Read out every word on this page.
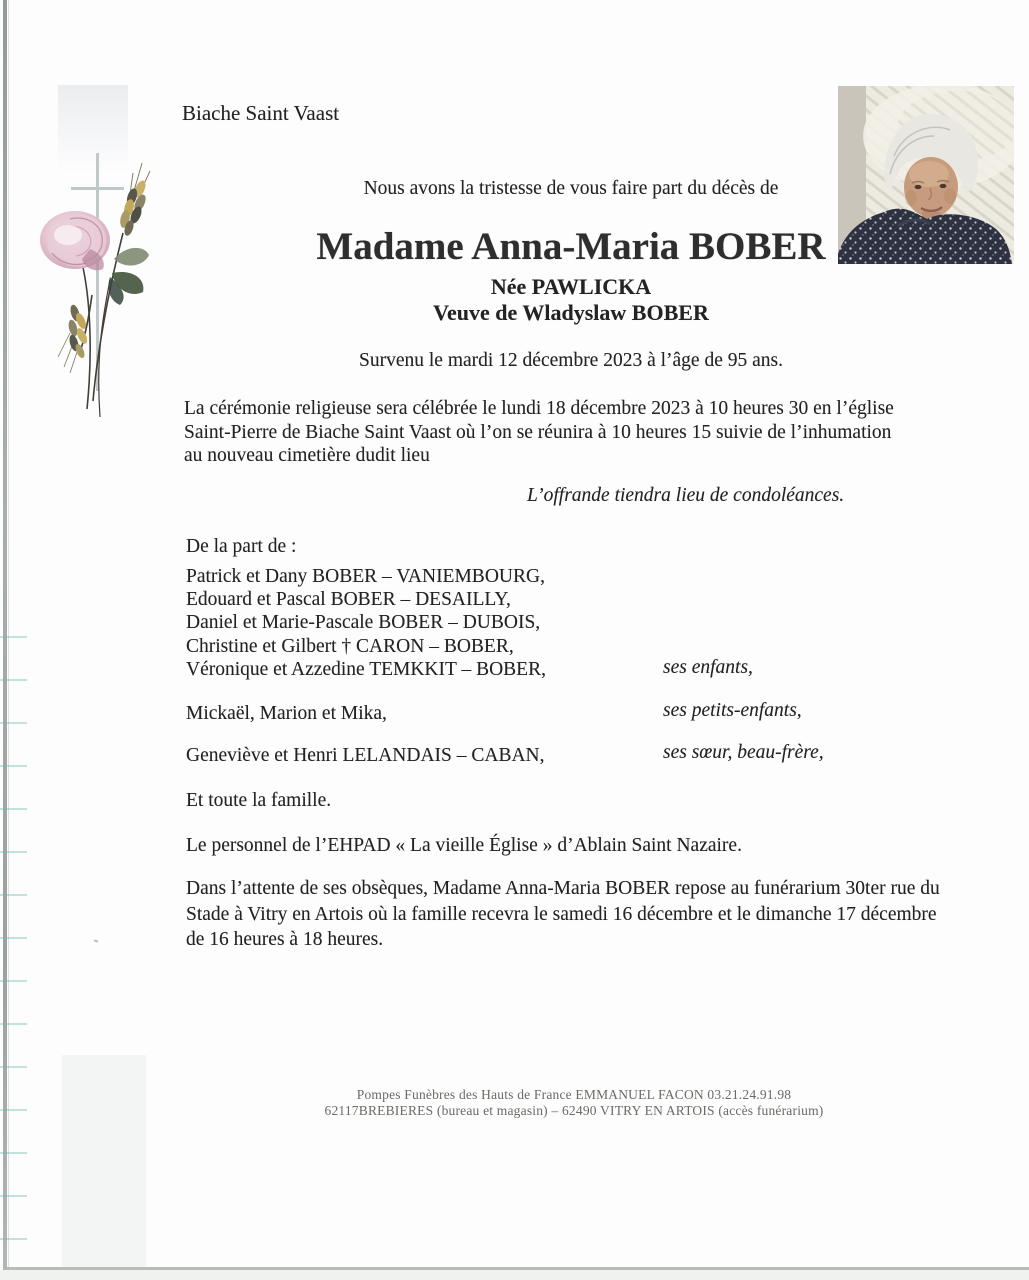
Biache Saint Vaast
Nous avons la tristesse de vous faire part du décès de
Madame Anna-Maria BOBER
Née PAWLICKA
Veuve de Wladyslaw BOBER
Survenu le mardi 12 décembre 2023 à l’âge de 95 ans.
La cérémonie religieuse sera célébrée le lundi 18 décembre 2023 à 10 heures 30 en l’église
Saint-Pierre de Biache Saint Vaast où l’on se réunira à 10 heures 15 suivie de l’inhumation
au nouveau cimetière dudit lieu
L’offrande tiendra lieu de condoléances.
De la part de :
Patrick et Dany BOBER – VANIEMBOURG,
Edouard et Pascal BOBER – DESAILLY,
Daniel et Marie-Pascale BOBER – DUBOIS,
Christine et Gilbert † CARON – BOBER,
Véronique et Azzedine TEMKKIT – BOBER,	ses enfants,
Mickaël, Marion et Mika,	ses petits-enfants,
Geneviève et Henri LELANDAIS – CABAN,	ses sœur, beau-frère,
Et toute la famille.
Le personnel de l’EHPAD « La vieille Église » d’Ablain Saint Nazaire.
Dans l’attente de ses obsèques, Madame Anna-Maria BOBER repose au funérarium 30ter rue du
Stade à Vitry en Artois où la famille recevra le samedi 16 décembre et le dimanche 17 décembre
de 16 heures à 18 heures.
Pompes Funèbres des Hauts de France EMMANUEL FACON 03.21.24.91.98
62117BREBIERES (bureau et magasin) – 62490 VITRY EN ARTOIS (accès funérarium)
